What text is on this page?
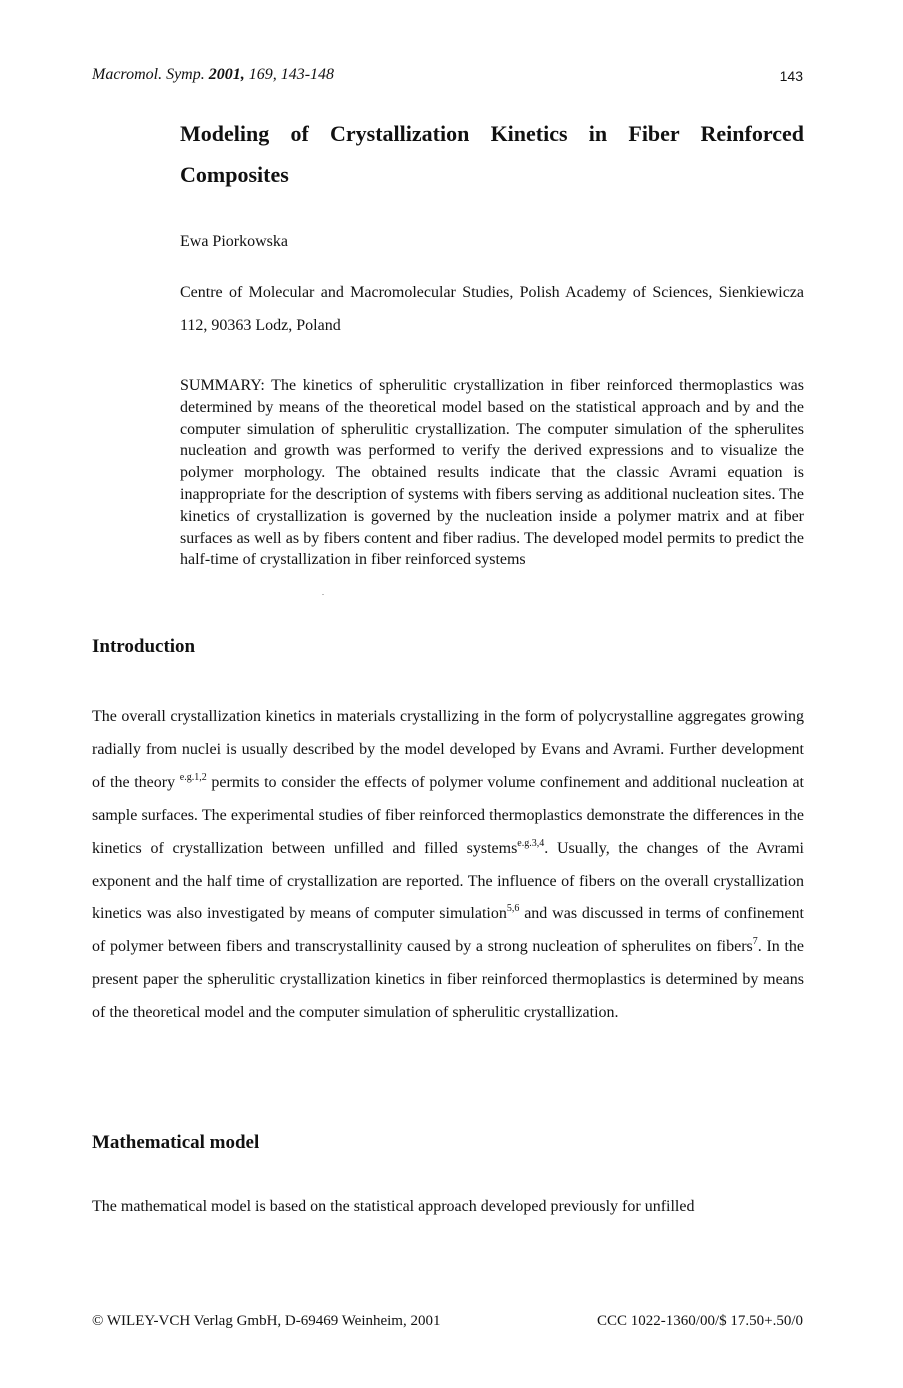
Macromol. Symp. 2001, 169, 143-148	143
Modeling of Crystallization Kinetics in Fiber Reinforced Composites
Ewa Piorkowska
Centre of Molecular and Macromolecular Studies, Polish Academy of Sciences, Sienkiewicza 112, 90363 Lodz, Poland
SUMMARY: The kinetics of spherulitic crystallization in fiber reinforced thermoplastics was determined by means of the theoretical model based on the statistical approach and by and the computer simulation of spherulitic crystallization. The computer simulation of the spherulites nucleation and growth was performed to verify the derived expressions and to visualize the polymer morphology. The obtained results indicate that the classic Avrami equation is inappropriate for the description of systems with fibers serving as additional nucleation sites. The kinetics of crystallization is governed by the nucleation inside a polymer matrix and at fiber surfaces as well as by fibers content and fiber radius. The developed model permits to predict the half-time of crystallization in fiber reinforced systems
Introduction
The overall crystallization kinetics in materials crystallizing in the form of polycrystalline aggregates growing radially from nuclei is usually described by the model developed by Evans and Avrami. Further development of the theory $^{e.g.1,2}$ permits to consider the effects of polymer volume confinement and additional nucleation at sample surfaces. The experimental studies of fiber reinforced thermoplastics demonstrate the differences in the kinetics of crystallization between unfilled and filled systems$^{e.g.3,4}$. Usually, the changes of the Avrami exponent and the half time of crystallization are reported. The influence of fibers on the overall crystallization kinetics was also investigated by means of computer simulation$^{5,6}$ and was discussed in terms of confinement of polymer between fibers and transcrystallinity caused by a strong nucleation of spherulites on fibers$^7$. In the present paper the spherulitic crystallization kinetics in fiber reinforced thermoplastics is determined by means of the theoretical model and the computer simulation of spherulitic crystallization.
Mathematical model
The mathematical model is based on the statistical approach developed previously for unfilled
© WILEY-VCH Verlag GmbH, D-69469 Weinheim, 2001	CCC 1022-1360/00/$ 17.50+.50/0
